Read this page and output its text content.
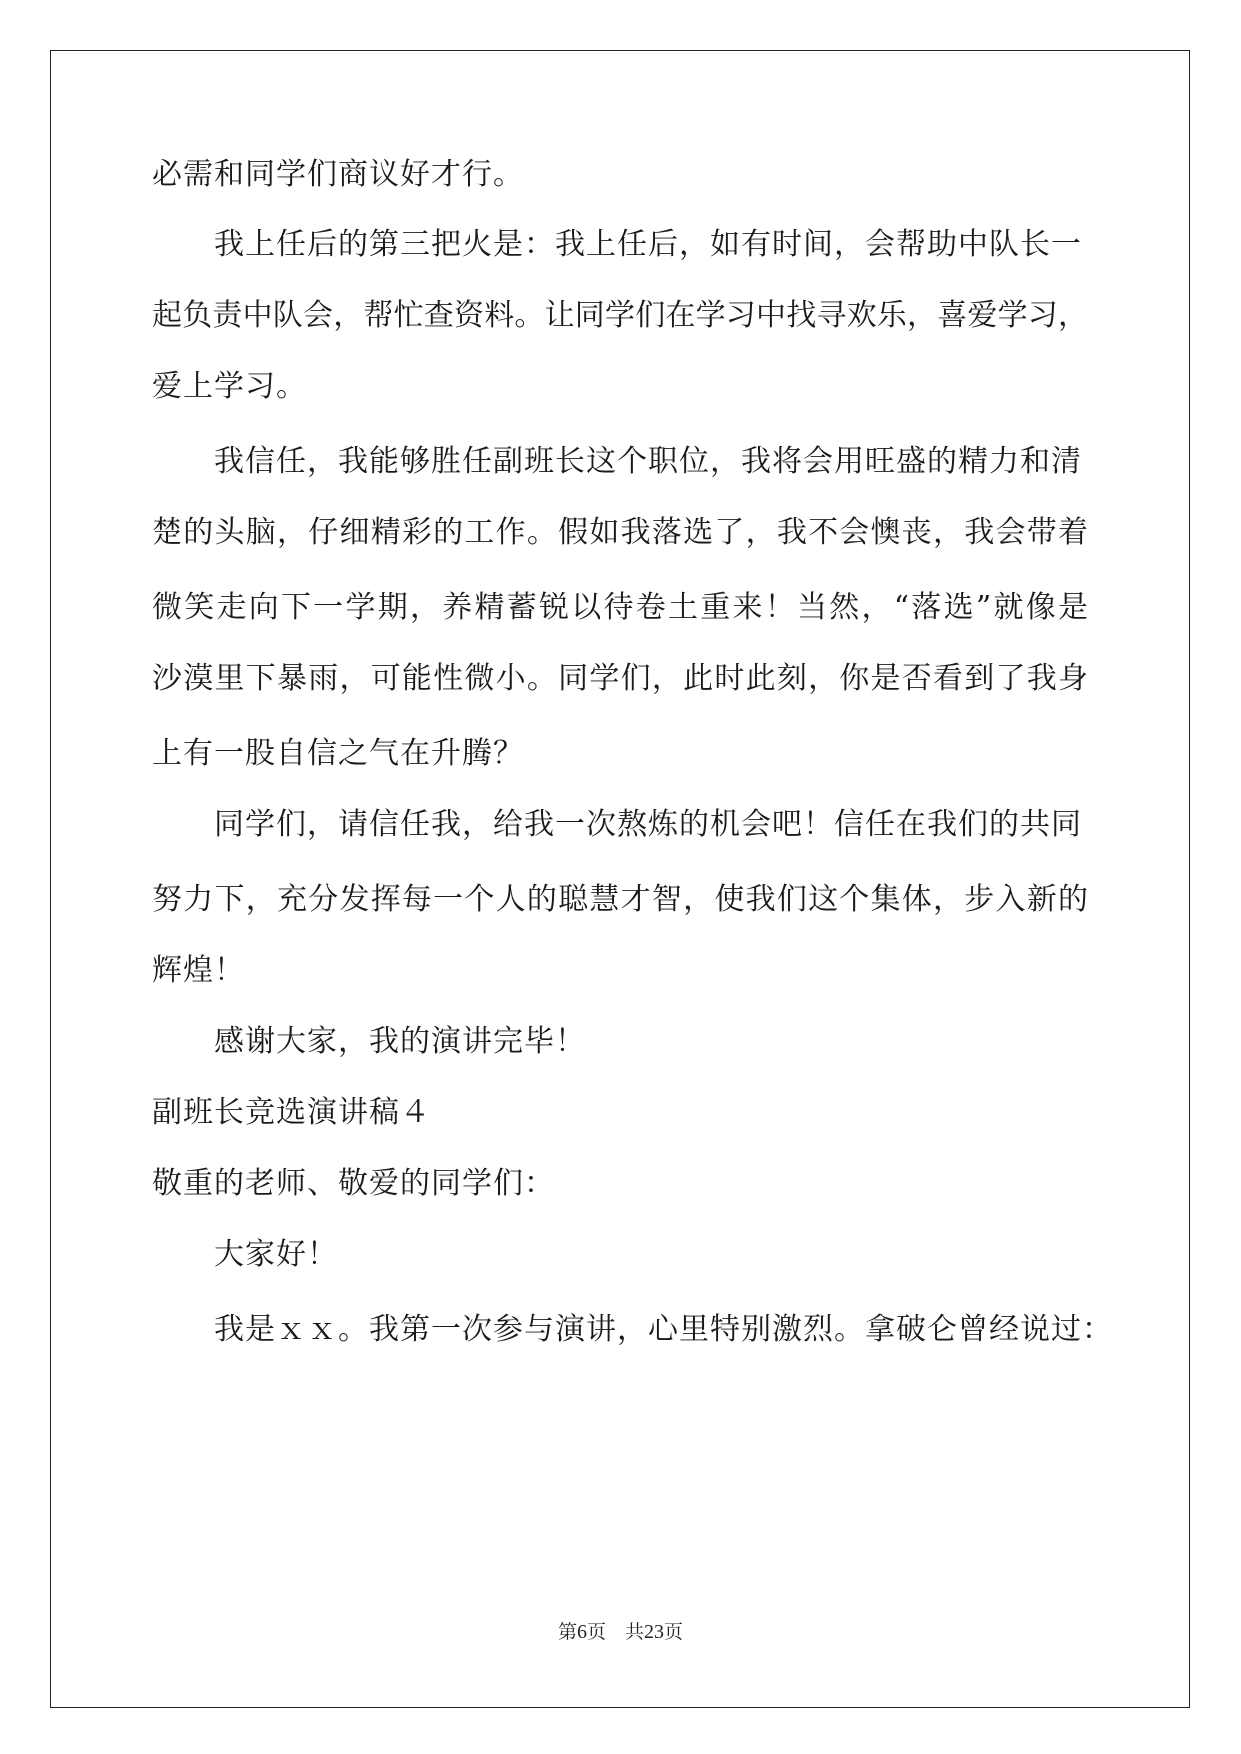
必需和同学们商议好才行。
我上任后的第三把火是：我上任后，如有时间，会帮助中队长一
起负责中队会，帮忙查资料。让同学们在学习中找寻欢乐，喜爱学习，
爱上学习。
我信任，我能够胜任副班长这个职位，我将会用旺盛的精力和清
楚的头脑，仔细精彩的工作。假如我落选了，我不会懊丧，我会带着
微笑走向下一学期，养精蓄锐以待卷土重来！当然，“落选”就像是
沙漠里下暴雨，可能性微小。同学们，此时此刻，你是否看到了我身
上有一股自信之气在升腾？
同学们，请信任我，给我一次熬炼的机会吧！信任在我们的共同
努力下，充分发挥每一个人的聪慧才智，使我们这个集体，步入新的
辉煌！
感谢大家，我的演讲完毕！
副班长竞选演讲稿４
敬重的老师、敬爱的同学们：
大家好！
我是ｘｘ。我第一次参与演讲，心里特别激烈。拿破仑曾经说过：
第6页　共23页
